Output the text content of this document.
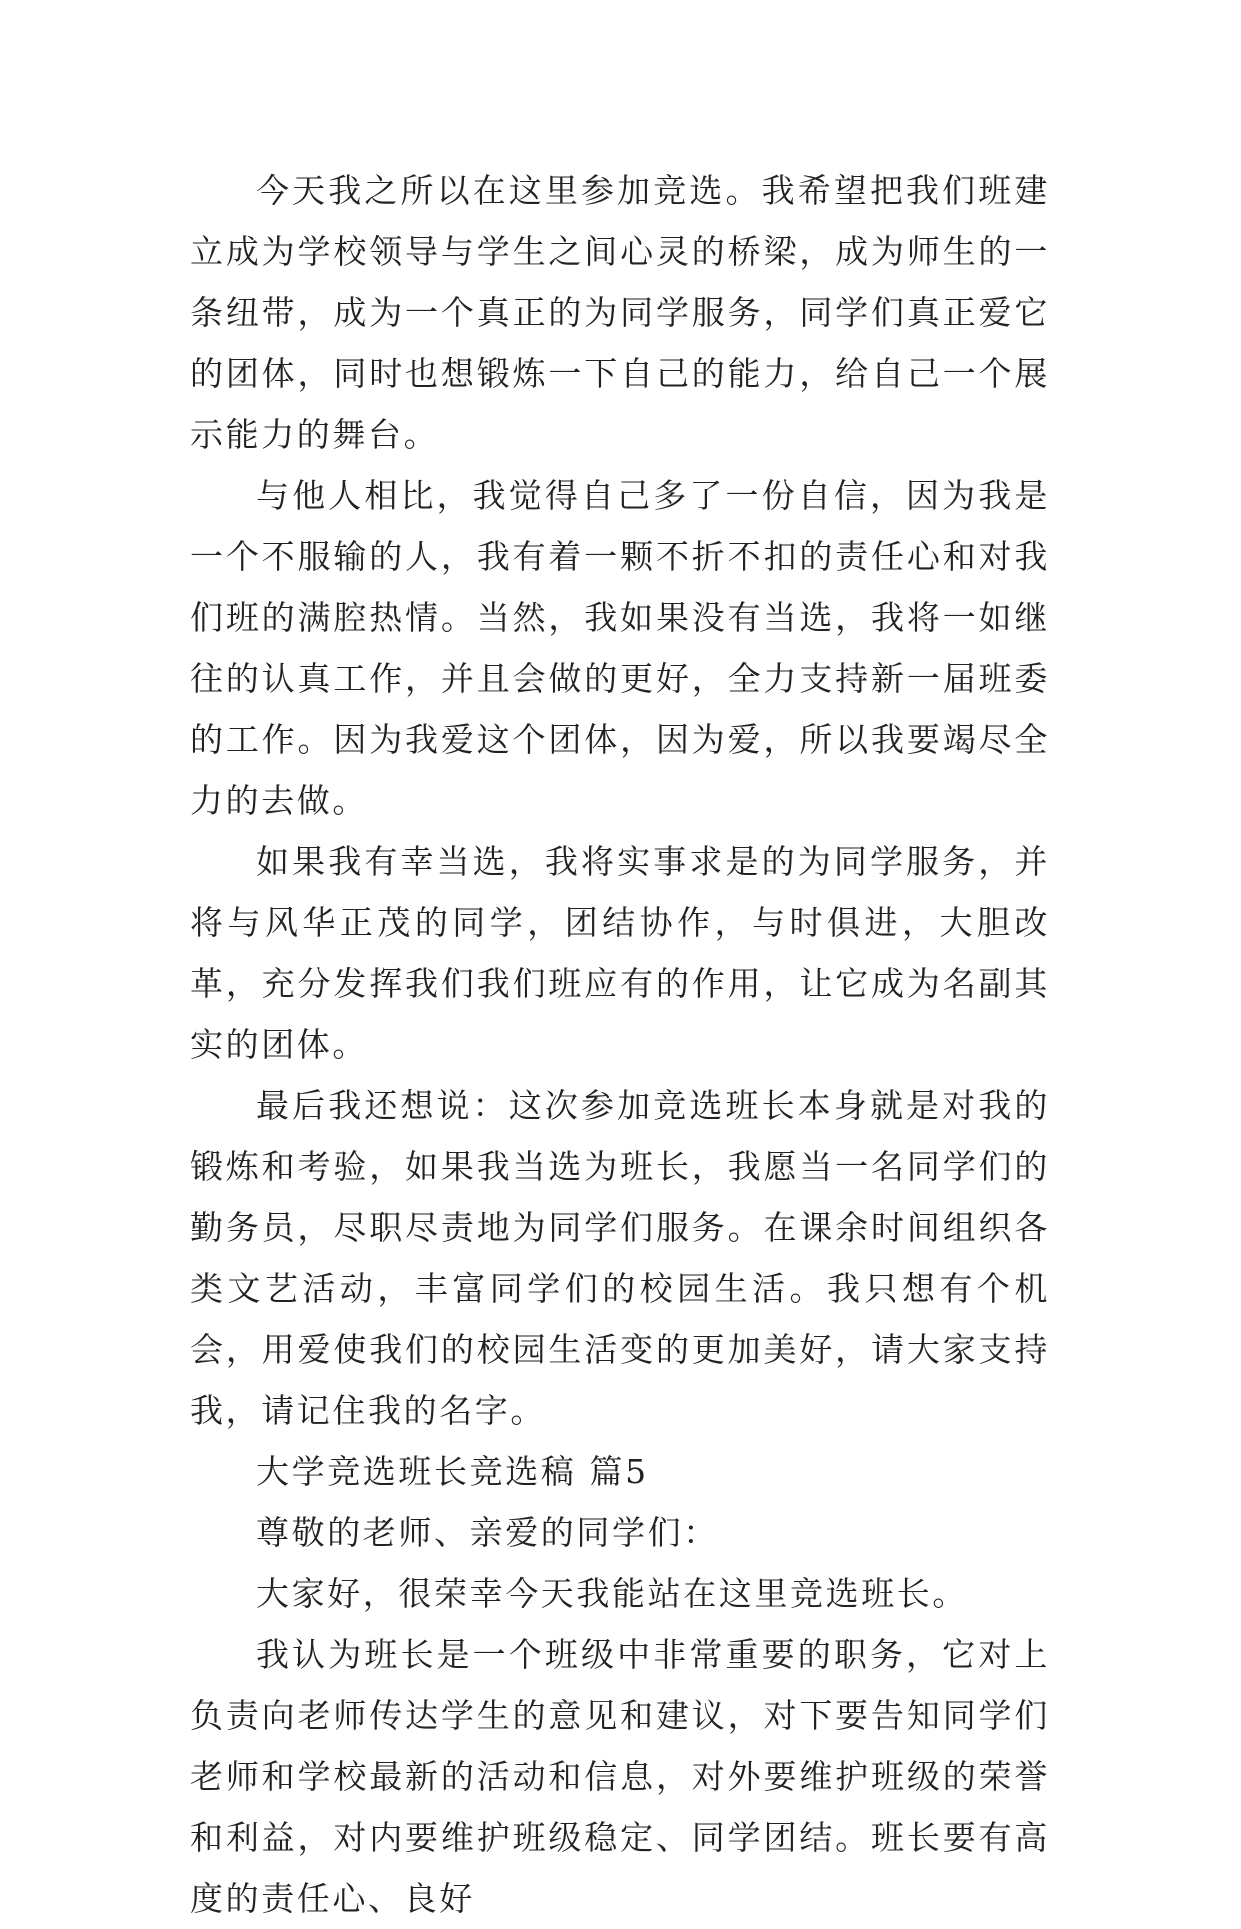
今天我之所以在这里参加竞选。我希望把我们班建立成为学校领导与学生之间心灵的桥梁，成为师生的一条纽带，成为一个真正的为同学服务，同学们真正爱它的团体，同时也想锻炼一下自己的能力，给自己一个展示能力的舞台。

与他人相比，我觉得自己多了一份自信，因为我是一个不服输的人，我有着一颗不折不扣的责任心和对我们班的满腔热情。当然，我如果没有当选，我将一如继往的认真工作，并且会做的更好，全力支持新一届班委的工作。因为我爱这个团体，因为爱，所以我要竭尽全力的去做。

如果我有幸当选，我将实事求是的为同学服务，并将与风华正茂的同学，团结协作，与时俱进，大胆改革，充分发挥我们我们班应有的作用，让它成为名副其实的团体。

最后我还想说：这次参加竞选班长本身就是对我的锻炼和考验，如果我当选为班长，我愿当一名同学们的勤务员，尽职尽责地为同学们服务。在课余时间组织各类文艺活动，丰富同学们的校园生活。我只想有个机会，用爱使我们的校园生活变的更加美好，请大家支持我，请记住我的名字。

大学竞选班长竞选稿 篇5

尊敬的老师、亲爱的同学们：

大家好，很荣幸今天我能站在这里竞选班长。

我认为班长是一个班级中非常重要的职务，它对上负责向老师传达学生的意见和建议，对下要告知同学们老师和学校最新的活动和信息，对外要维护班级的荣誉和利益，对内要维护班级稳定、同学团结。班长要有高度的责任心、良好
